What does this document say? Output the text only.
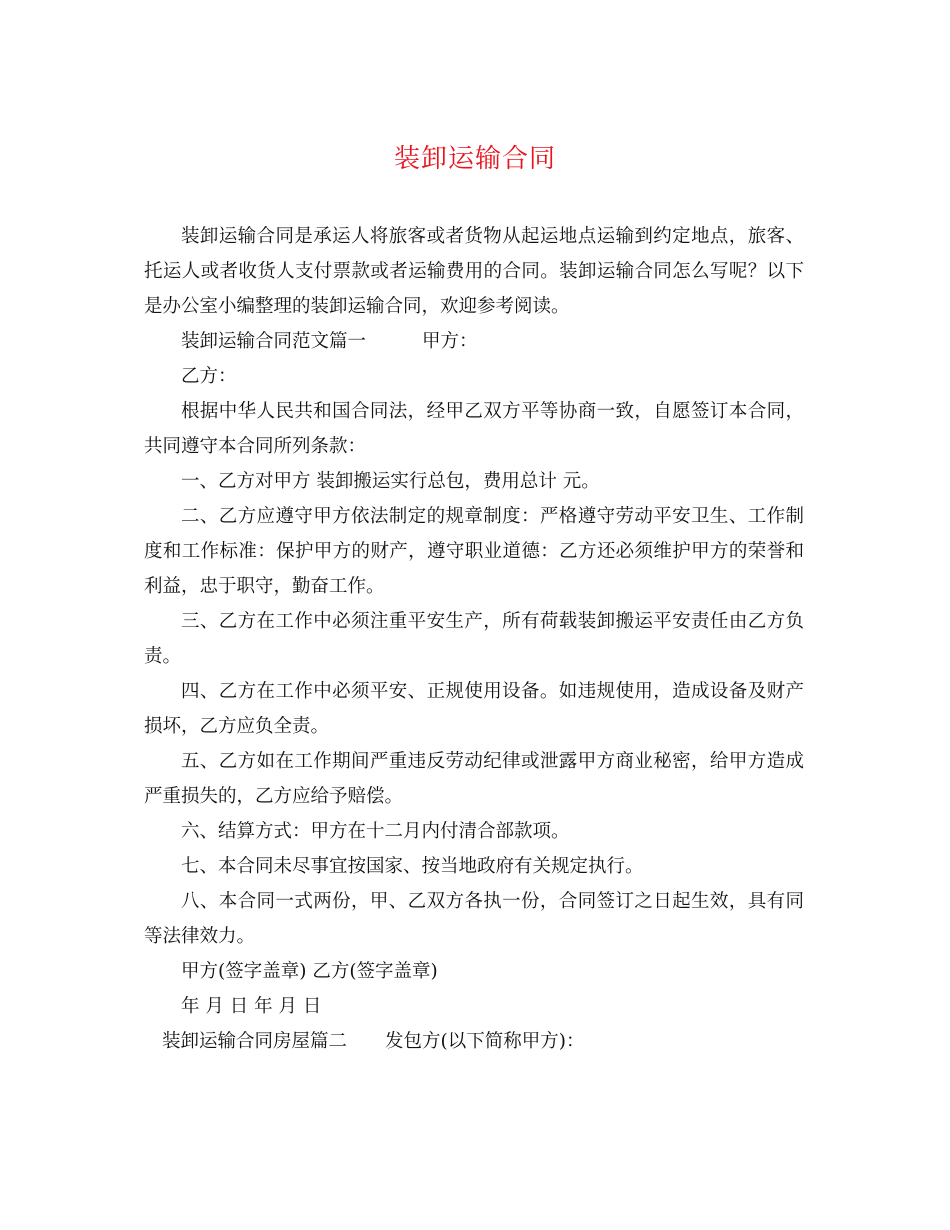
装卸运输合同

装卸运输合同是承运人将旅客或者货物从起运地点运输到约定地点，旅客、托运人或者收货人支付票款或者运输费用的合同。装卸运输合同怎么写呢？以下是办公室小编整理的装卸运输合同，欢迎参考阅读。

装卸运输合同范文篇一	甲方：

乙方：

根据中华人民共和国合同法，经甲乙双方平等协商一致，自愿签订本合同，共同遵守本合同所列条款：

一、乙方对甲方 装卸搬运实行总包，费用总计 元。

二、乙方应遵守甲方依法制定的规章制度：严格遵守劳动平安卫生、工作制度和工作标准：保护甲方的财产，遵守职业道德：乙方还必须维护甲方的荣誉和利益，忠于职守，勤奋工作。

三、乙方在工作中必须注重平安生产，所有荷载装卸搬运平安责任由乙方负责。

四、乙方在工作中必须平安、正规使用设备。如违规使用，造成设备及财产损坏，乙方应负全责。

五、乙方如在工作期间严重违反劳动纪律或泄露甲方商业秘密，给甲方造成严重损失的，乙方应给予赔偿。

六、结算方式：甲方在十二月内付清合部款项。

七、本合同未尽事宜按国家、按当地政府有关规定执行。

八、本合同一式两份，甲、乙双方各执一份，合同签订之日起生效，具有同等法律效力。

甲方(签字盖章) 乙方(签字盖章)

年 月 日 年 月 日

装卸运输合同房屋篇二 发包方(以下简称甲方)：
